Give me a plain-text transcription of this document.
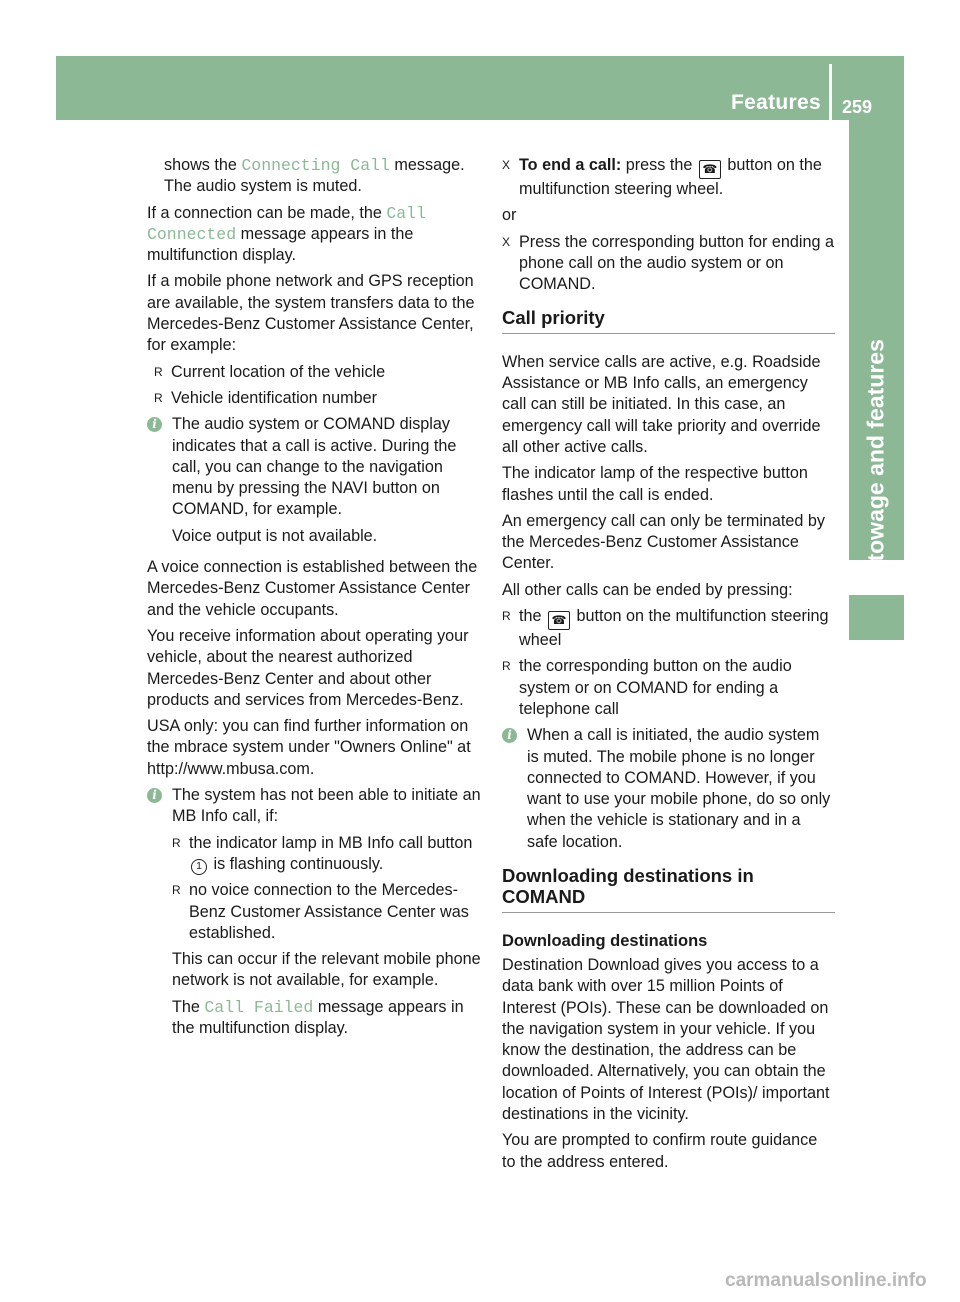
Features 259
Stowage and features

shows the Connecting Call message. The audio system is muted.

If a connection can be made, the Call Connected message appears in the multifunction display.

If a mobile phone network and GPS reception are available, the system transfers data to the Mercedes-Benz Customer Assistance Center, for example:

R Current location of the vehicle
R Vehicle identification number
i The audio system or COMAND display indicates that a call is active. During the call, you can change to the navigation menu by pressing the NAVI button on COMAND, for example.

Voice output is not available.

A voice connection is established between the Mercedes-Benz Customer Assistance Center and the vehicle occupants.

You receive information about operating your vehicle, about the nearest authorized Mercedes-Benz Center and about other products and services from Mercedes-Benz.

USA only: you can find further information on the mbrace system under "Owners Online" at http://www.mbusa.com.

i The system has not been able to initiate an MB Info call, if:

R the indicator lamp in MB Info call button 1 is flashing continuously.
R no voice connection to the Mercedes-Benz Customer Assistance Center was established.

This can occur if the relevant mobile phone network is not available, for example.

The Call Failed message appears in the multifunction display.

X To end a call: press the ☎ button on the multifunction steering wheel.

or

X Press the corresponding button for ending a phone call on the audio system or on COMAND.
Call priority

When service calls are active, e.g. Roadside Assistance or MB Info calls, an emergency call can still be initiated. In this case, an emergency call will take priority and override all other active calls.

The indicator lamp of the respective button flashes until the call is ended.

An emergency call can only be terminated by the Mercedes-Benz Customer Assistance Center.

All other calls can be ended by pressing:

R the ☎ button on the multifunction steering wheel
R the corresponding button on the audio system or on COMAND for ending a telephone call
i When a call is initiated, the audio system is muted. The mobile phone is no longer connected to COMAND. However, if you want to use your mobile phone, do so only when the vehicle is stationary and in a safe location.
Downloading destinations in COMAND
Downloading destinations

Destination Download gives you access to a data bank with over 15 million Points of Interest (POIs). These can be downloaded on the navigation system in your vehicle. If you know the destination, the address can be downloaded. Alternatively, you can obtain the location of Points of Interest (POIs)/ important destinations in the vicinity.

You are prompted to confirm route guidance to the address entered.

carmanualsonline.info
